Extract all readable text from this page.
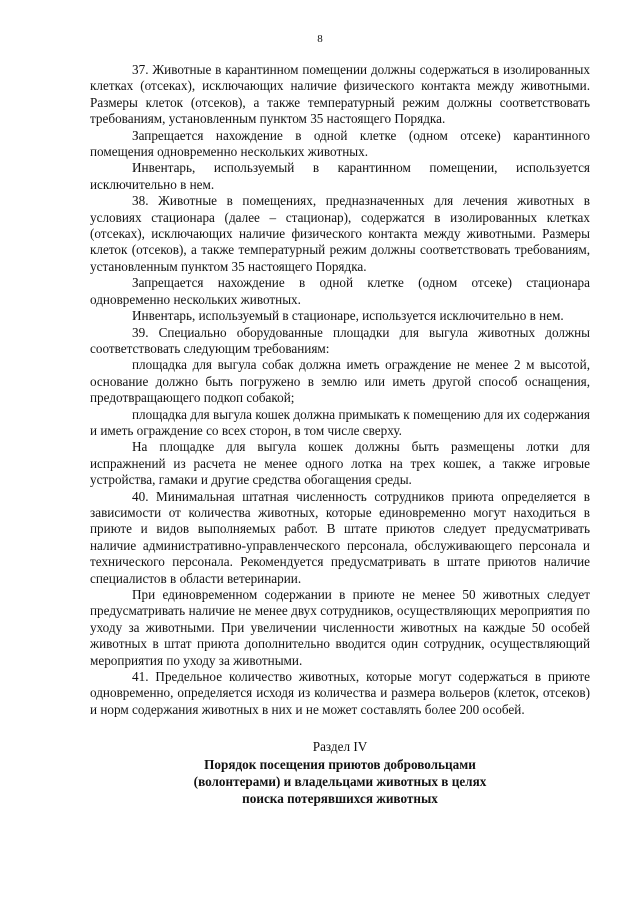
8

37. Животные в карантинном помещении должны содержаться в изолированных клетках (отсеках), исключающих наличие физического контакта между животными. Размеры клеток (отсеков), а также температурный режим должны соответствовать требованиям, установленным пунктом 35 настоящего Порядка.

Запрещается нахождение в одной клетке (одном отсеке) карантинного помещения одновременно нескольких животных.

Инвентарь, используемый в карантинном помещении, используется исключительно в нем.

38. Животные в помещениях, предназначенных для лечения животных в условиях стационара (далее – стационар), содержатся в изолированных клетках (отсеках), исключающих наличие физического контакта между животными. Размеры клеток (отсеков), а также температурный режим должны соответствовать требованиям, установленным пунктом 35 настоящего Порядка.

Запрещается нахождение в одной клетке (одном отсеке) стационара одновременно нескольких животных.

Инвентарь, используемый в стационаре, используется исключительно в нем.

39. Специально оборудованные площадки для выгула животных должны соответствовать следующим требованиям:

площадка для выгула собак должна иметь ограждение не менее 2 м высотой, основание должно быть погружено в землю или иметь другой способ оснащения, предотвращающего подкоп собакой;

площадка для выгула кошек должна примыкать к помещению для их содержания и иметь ограждение со всех сторон, в том числе сверху.

На площадке для выгула кошек должны быть размещены лотки для испражнений из расчета не менее одного лотка на трех кошек, а также игровые устройства, гамаки и другие средства обогащения среды.

40. Минимальная штатная численность сотрудников приюта определяется в зависимости от количества животных, которые единовременно могут находиться в приюте и видов выполняемых работ. В штате приютов следует предусматривать наличие административно-управленческого персонала, обслуживающего персонала и технического персонала. Рекомендуется предусматривать в штате приютов наличие специалистов в области ветеринарии.

При единовременном содержании в приюте не менее 50 животных следует предусматривать наличие не менее двух сотрудников, осуществляющих мероприятия по уходу за животными. При увеличении численности животных на каждые 50 особей животных в штат приюта дополнительно вводится один сотрудник, осуществляющий мероприятия по уходу за животными.

41. Предельное количество животных, которые могут содержаться в приюте одновременно, определяется исходя из количества и размера вольеров (клеток, отсеков) и норм содержания животных в них и не может составлять более 200 особей.

Раздел IV
Порядок посещения приютов добровольцами
(волонтерами) и владельцами животных в целях
поиска потерявшихся животных
